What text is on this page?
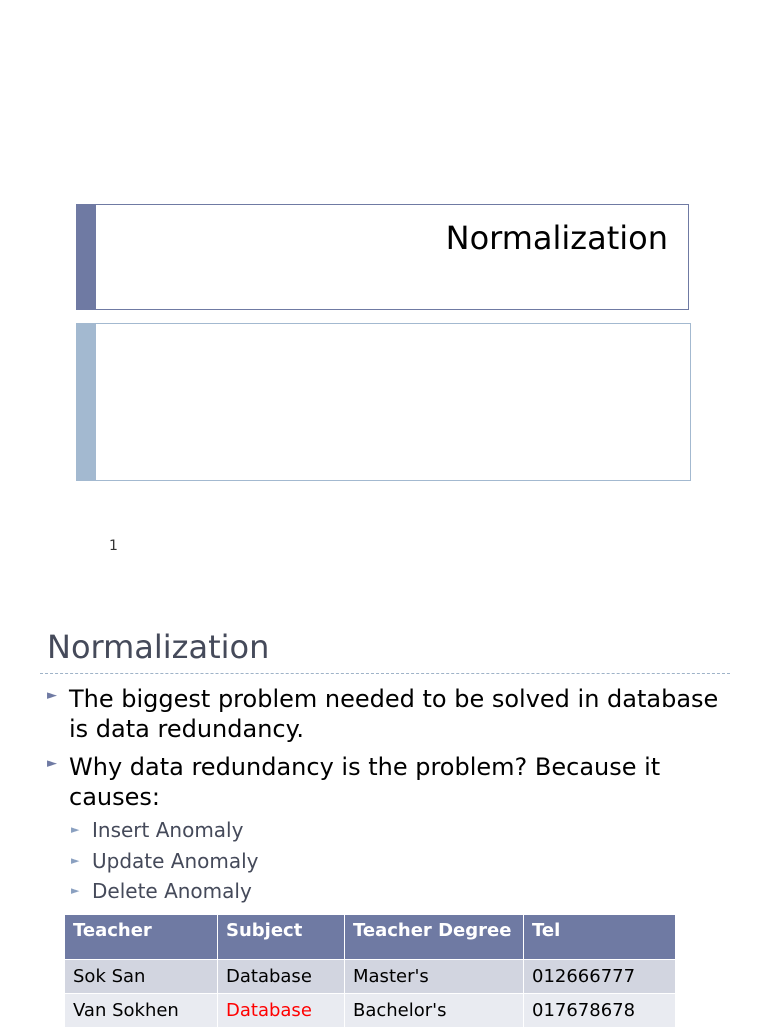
Normalization
1
Normalization
► The biggest problem needed to be solved in database is data redundancy.
► Why data redundancy is the problem? Because it causes:
► Insert Anomaly
► Update Anomaly
► Delete Anomaly
Teacher	Subject	Teacher Degree	Tel
Sok San	Database	Master's	012666777
Van Sokhen	Database	Bachelor's	017678678
